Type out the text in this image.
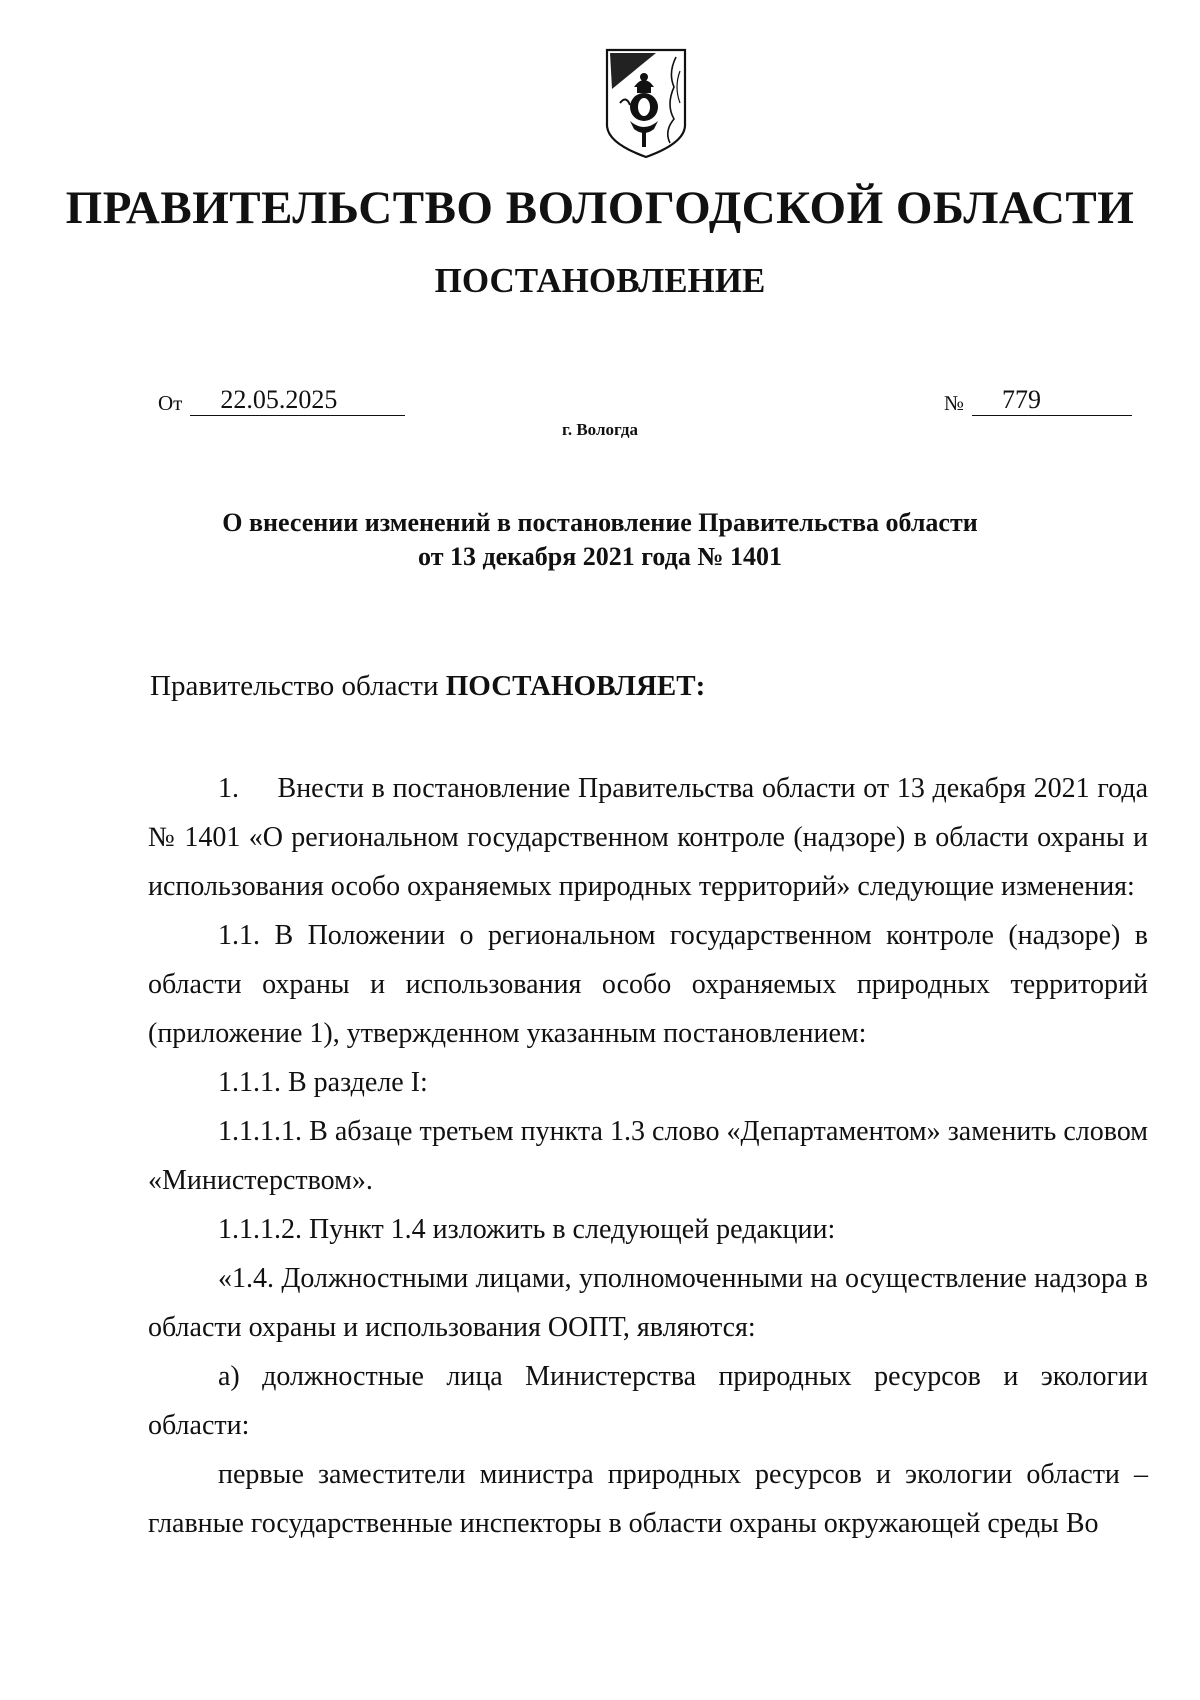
ПРАВИТЕЛЬСТВО ВОЛОГОДСКОЙ ОБЛАСТИ
ПОСТАНОВЛЕНИЕ
От 22.05.2025	№ 779
г. Вологда
О внесении изменений в постановление Правительства области
от 13 декабря 2021 года № 1401
Правительство области ПОСТАНОВЛЯЕТ:

1.     Внести в постановление Правительства области от 13 декабря 2021 года № 1401 «О региональном государственном контроле (надзоре) в области охраны и использования особо охраняемых природных территорий» следующие изменения:

1.1. В Положении о региональном государственном контроле (надзоре) в области охраны и использования особо охраняемых природных территорий (приложение 1), утвержденном указанным постановлением:

1.1.1. В разделе I:

1.1.1.1. В абзаце третьем пункта 1.3 слово «Департаментом» заменить словом «Министерством».

1.1.1.2. Пункт 1.4 изложить в следующей редакции:

«1.4. Должностными лицами, уполномоченными на осуществление надзора в области охраны и использования ООПТ, являются:

а) должностные лица Министерства природных ресурсов и экологии области:

первые заместители министра природных ресурсов и экологии области – главные государственные инспекторы в области охраны окружающей среды Во
